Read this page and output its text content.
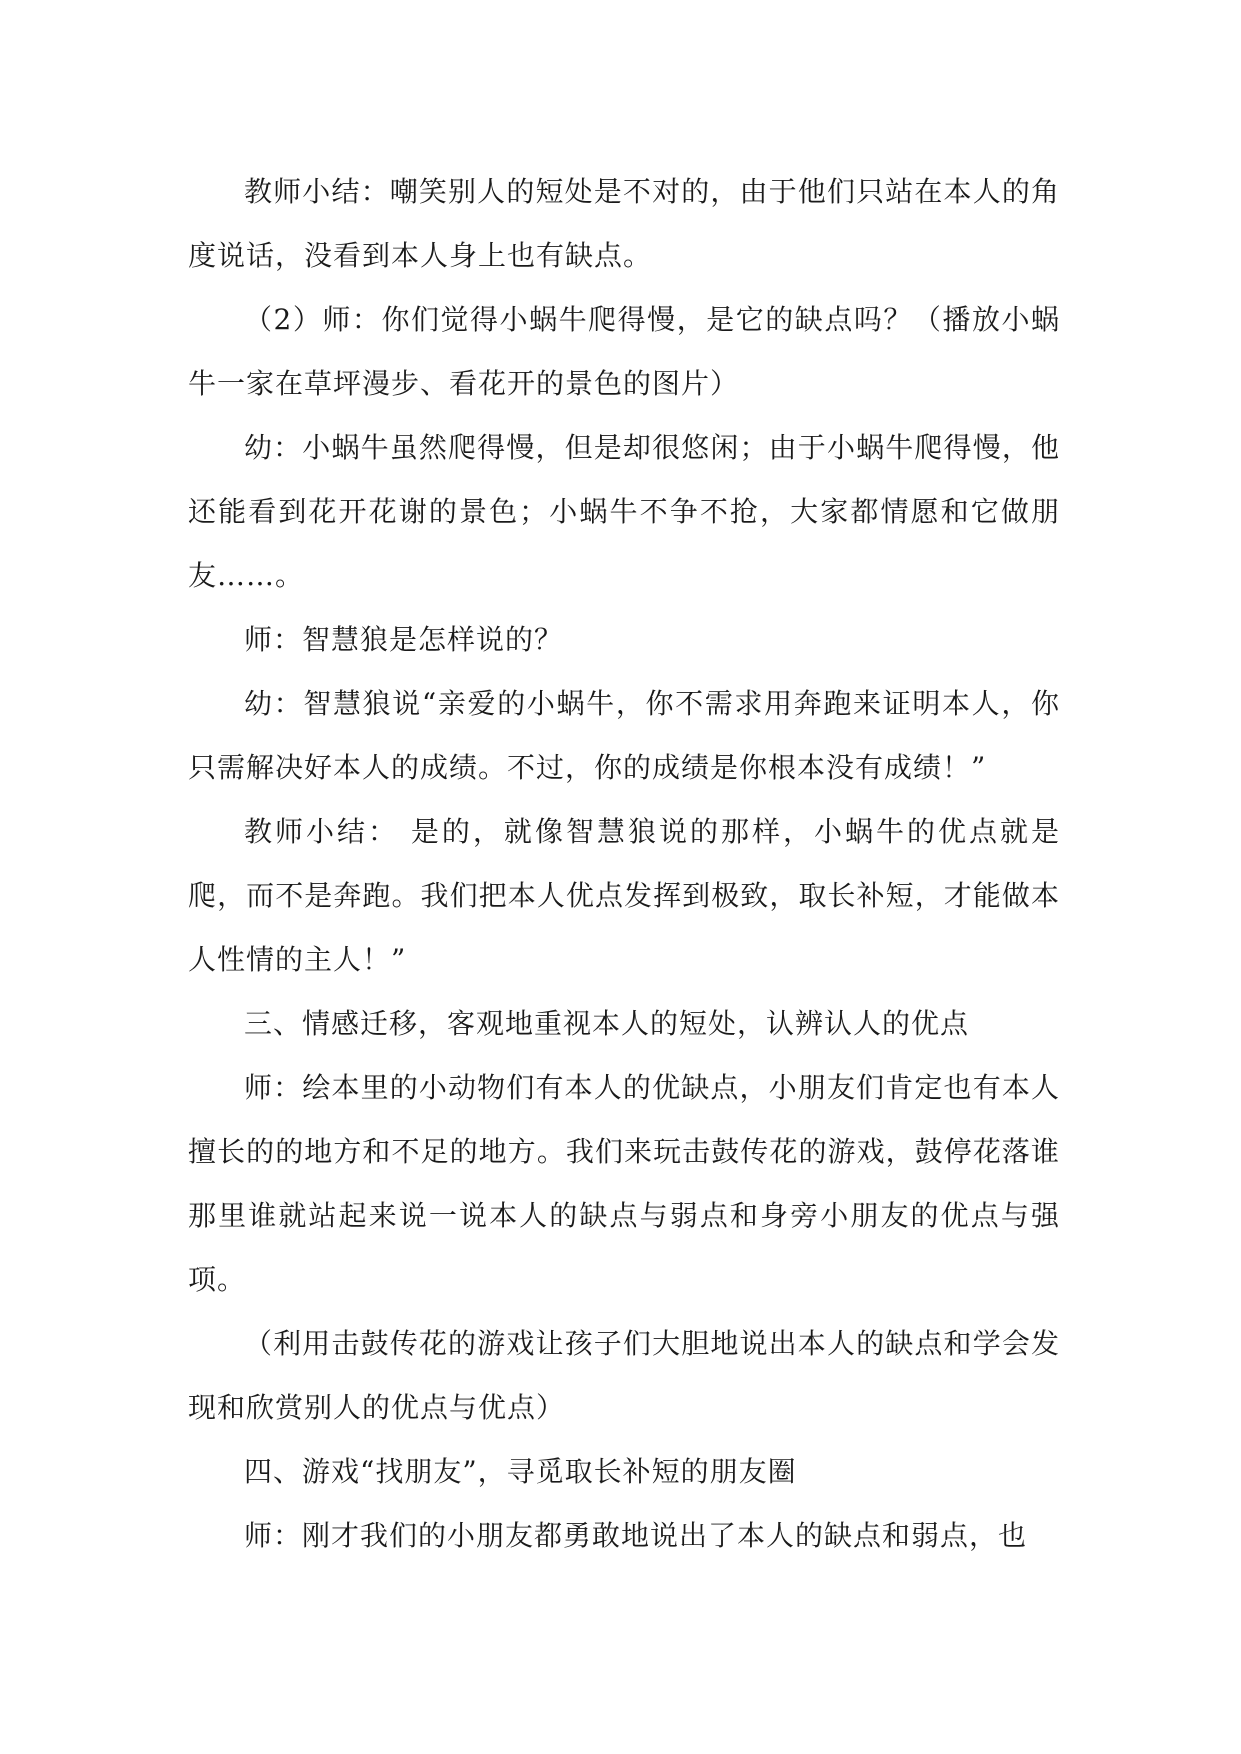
教师小结：嘲笑别人的短处是不对的，由于他们只站在本人的角度说话，没看到本人身上也有缺点。

（2）师：你们觉得小蜗牛爬得慢，是它的缺点吗？（播放小蜗牛一家在草坪漫步、看花开的景色的图片）

幼：小蜗牛虽然爬得慢，但是却很悠闲；由于小蜗牛爬得慢，他还能看到花开花谢的景色；小蜗牛不争不抢，大家都情愿和它做朋友……。

师：智慧狼是怎样说的？

幼：智慧狼说“亲爱的小蜗牛，你不需求用奔跑来证明本人，你只需解决好本人的成绩。不过，你的成绩是你根本没有成绩！”

教师小结： 是的，就像智慧狼说的那样，小蜗牛的优点就是爬，而不是奔跑。我们把本人优点发挥到极致，取长补短，才能做本人性情的主人！”

三、情感迁移，客观地重视本人的短处，认辨认人的优点

师：绘本里的小动物们有本人的优缺点，小朋友们肯定也有本人擅长的的地方和不足的地方。我们来玩击鼓传花的游戏，鼓停花落谁那里谁就站起来说一说本人的缺点与弱点和身旁小朋友的优点与强项。

（利用击鼓传花的游戏让孩子们大胆地说出本人的缺点和学会发现和欣赏别人的优点与优点）

四、游戏“找朋友”，寻觅取长补短的朋友圈

师：刚才我们的小朋友都勇敢地说出了本人的缺点和弱点，也
